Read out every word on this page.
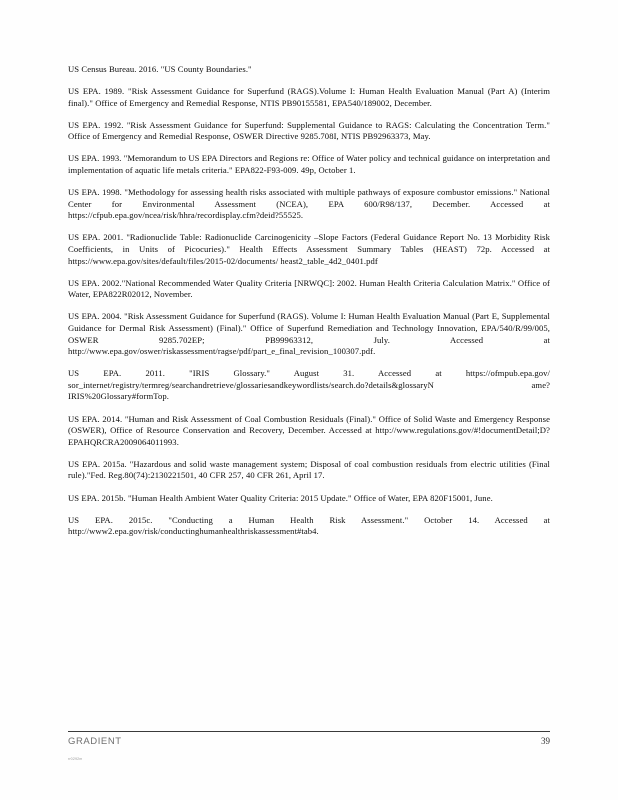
US Census Bureau. 2016. "US County Boundaries."

US EPA. 1989. "Risk Assessment Guidance for Superfund (RAGS).Volume I: Human Health Evaluation Manual (Part A) (Interim final)." Office of Emergency and Remedial Response, NTIS PB90155581, EPA540/189002, December.

US EPA. 1992. "Risk Assessment Guidance for Superfund: Supplemental Guidance to RAGS: Calculating the Concentration Term." Office of Emergency and Remedial Response, OSWER Directive 9285.708I, NTIS PB92963373, May.

US EPA. 1993. "Memorandum to US EPA Directors and Regions re: Office of Water policy and technical guidance on interpretation and implementation of aquatic life metals criteria." EPA822-F93-009. 49p, October 1.

US EPA. 1998. "Methodology for assessing health risks associated with multiple pathways of exposure combustor emissions." National Center for Environmental Assessment (NCEA), EPA 600/R98/137, December. Accessed at https://cfpub.epa.gov/ncea/risk/hhra/recordisplay.cfm?deid?55525.

US EPA. 2001. "Radionuclide Table: Radionuclide Carcinogenicity –Slope Factors (Federal Guidance Report No. 13 Morbidity Risk Coefficients, in Units of Picocuries)." Health Effects Assessment Summary Tables (HEAST) 72p. Accessed at https://www.epa.gov/sites/default/files/2015-02/documents/ heast2_table_4d2_0401.pdf

US EPA. 2002."National Recommended Water Quality Criteria [NRWQC]: 2002. Human Health Criteria Calculation Matrix." Office of Water, EPA822R02012, November.

US EPA. 2004. "Risk Assessment Guidance for Superfund (RAGS). Volume I: Human Health Evaluation Manual (Part E, Supplemental Guidance for Dermal Risk Assessment) (Final)." Office of Superfund Remediation and Technology Innovation, EPA/540/R/99/005, OSWER 9285.702EP; PB99963312, July. Accessed at http://www.epa.gov/oswer/riskassessment/ragse/pdf/part_e_final_revision_100307.pdf.

US EPA. 2011. "IRIS Glossary." August 31. Accessed at https://ofmpub.epa.gov/ sor_internet/registry/termreg/searchandretrieve/glossariesandkeywordlists/search.do?details&glossaryN ame?IRIS%20Glossary#formTop.

US EPA. 2014. "Human and Risk Assessment of Coal Combustion Residuals (Final)." Office of Solid Waste and Emergency Response (OSWER), Office of Resource Conservation and Recovery, December. Accessed at http://www.regulations.gov/#!documentDetail;D? EPAHQRCRA2009064011993.

US EPA. 2015a. "Hazardous and solid waste management system; Disposal of coal combustion residuals from electric utilities (Final rule)."Fed. Reg.80(74):2130221501, 40 CFR 257, 40 CFR 261, April 17.

US EPA. 2015b. "Human Health Ambient Water Quality Criteria: 2015 Update." Office of Water, EPA 820F15001, June.

US EPA. 2015c. "Conducting a Human Health Risk Assessment." October 14. Accessed at http://www2.epa.gov/risk/conductinghumanhealthriskassessment#tab4.

GRADIENT	39
rr0292m
